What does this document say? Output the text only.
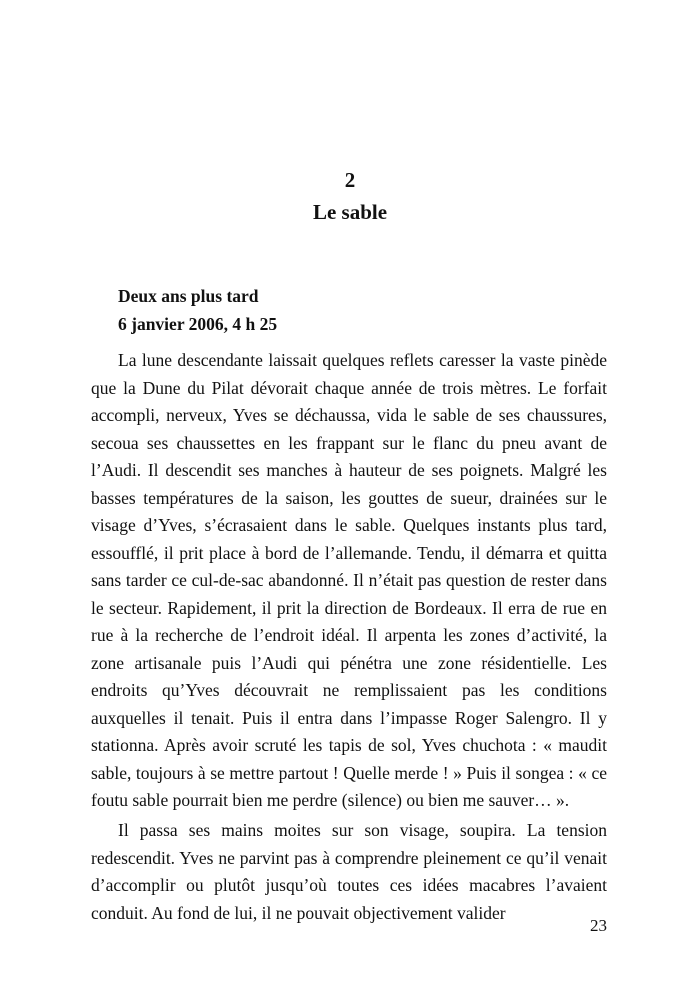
2
Le sable
Deux ans plus tard
6 janvier 2006, 4 h 25

La lune descendante laissait quelques reflets caresser la vaste pinède que la Dune du Pilat dévorait chaque année de trois mètres. Le forfait accompli, nerveux, Yves se déchaussa, vida le sable de ses chaussures, secoua ses chaussettes en les frappant sur le flanc du pneu avant de l’Audi. Il descendit ses manches à hauteur de ses poignets. Malgré les basses températures de la saison, les gouttes de sueur, drainées sur le visage d’Yves, s’écrasaient dans le sable. Quelques instants plus tard, essoufflé, il prit place à bord de l’allemande. Tendu, il démarra et quitta sans tarder ce cul-de-sac abandonné. Il n’était pas question de rester dans le secteur. Rapidement, il prit la direction de Bordeaux. Il erra de rue en rue à la recherche de l’endroit idéal. Il arpenta les zones d’activité, la zone artisanale puis l’Audi qui pénétra une zone résidentielle. Les endroits qu’Yves découvrait ne remplissaient pas les conditions auxquelles il tenait. Puis il entra dans l’impasse Roger Salengro. Il y stationna. Après avoir scruté les tapis de sol, Yves chuchota : « maudit sable, toujours à se mettre partout ! Quelle merde ! » Puis il songea : « ce foutu sable pourrait bien me perdre (silence) ou bien me sauver… ».

Il passa ses mains moites sur son visage, soupira. La tension redescendit. Yves ne parvint pas à comprendre pleinement ce qu’il venait d’accomplir ou plutôt jusqu’où toutes ces idées macabres l’avaient conduit. Au fond de lui, il ne pouvait objectivement valider

23
